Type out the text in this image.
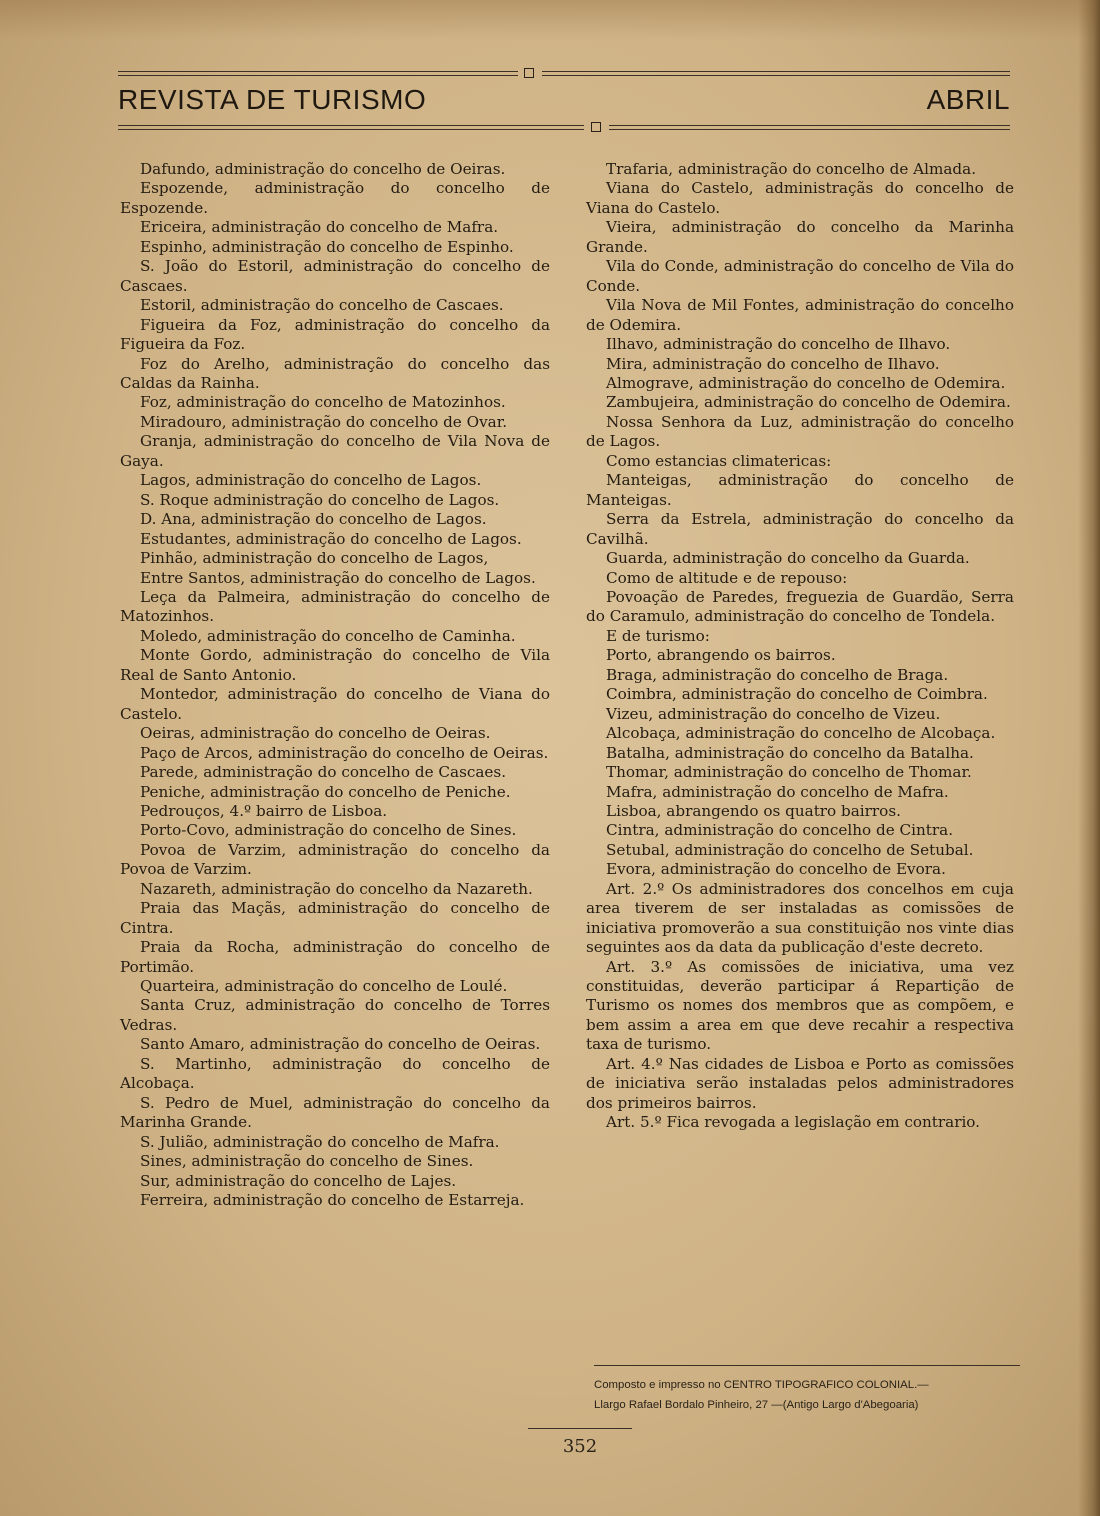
REVISTA DE TURISMO	ABRIL

Dafundo, administração do concelho de Oeiras.

Espozende, administração do concelho de Espozende.

Ericeira, administração do concelho de Mafra.

Espinho, administração do concelho de Espinho.

S. João do Estoril, administração do concelho de Cascaes.

Estoril, administração do concelho de Cascaes.

Figueira da Foz, administração do concelho da Figueira da Foz.

Foz do Arelho, administração do concelho das Caldas da Rainha.

Foz, administração do concelho de Matozinhos.

Miradouro, administração do concelho de Ovar.

Granja, administração do concelho de Vila Nova de Gaya.

Lagos, administração do concelho de Lagos.

S. Roque administração do concelho de Lagos.

D. Ana, administração do concelho de Lagos.

Estudantes, administração do concelho de Lagos.

Pinhão, administração do concelho de Lagos,

Entre Santos, administração do concelho de Lagos.

Leça da Palmeira, administração do concelho de Matozinhos.

Moledo, administração do concelho de Caminha.

Monte Gordo, administração do concelho de Vila Real de Santo Antonio.

Montedor, administração do concelho de Viana do Castelo.

Oeiras, administração do concelho de Oeiras.

Paço de Arcos, administração do concelho de Oeiras.

Parede, administração do concelho de Cascaes.

Peniche, administração do concelho de Peniche.

Pedrouços, 4.º bairro de Lisboa.

Porto-Covo, administração do concelho de Sines.

Povoa de Varzim, administração do concelho da Povoa de Varzim.

Nazareth, administração do concelho da Nazareth.

Praia das Maçãs, administração do concelho de Cintra.

Praia da Rocha, administração do concelho de Portimão.

Quarteira, administração do concelho de Loulé.

Santa Cruz, administração do concelho de Torres Vedras.

Santo Amaro, administração do concelho de Oeiras.

S. Martinho, administração do concelho de Alcobaça.

S. Pedro de Muel, administração do concelho da Marinha Grande.

S. Julião, administração do concelho de Mafra.

Sines, administração do concelho de Sines.

Sur, administração do concelho de Lajes.

Ferreira, administração do concelho de Estarreja.

Trafaria, administração do concelho de Almada.

Viana do Castelo, administraçãs do concelho de Viana do Castelo.

Vieira, administração do concelho da Marinha Grande.

Vila do Conde, administração do concelho de Vila do Conde.

Vila Nova de Mil Fontes, administração do concelho de Odemira.

Ilhavo, administração do concelho de Ilhavo.

Mira, administração do concelho de Ilhavo.

Almograve, administração do concelho de Odemira.

Zambujeira, administração do concelho de Odemira.

Nossa Senhora da Luz, administração do concelho de Lagos.

Como estancias climatericas:

Manteigas, administração do concelho de Manteigas.

Serra da Estrela, administração do concelho da Cavilhã.

Guarda, administração do concelho da Guarda.

Como de altitude e de repouso:

Povoação de Paredes, freguezia de Guardão, Serra do Caramulo, administração do concelho de Tondela.

E de turismo:

Porto, abrangendo os bairros.

Braga, administração do concelho de Braga.

Coimbra, administração do concelho de Coimbra.

Vizeu, administração do concelho de Vizeu.

Alcobaça, administração do concelho de Alcobaça.

Batalha, administração do concelho da Batalha.

Thomar, administração do concelho de Thomar.

Mafra, administração do concelho de Mafra.

Lisboa, abrangendo os quatro bairros.

Cintra, administração do concelho de Cintra.

Setubal, administração do concelho de Setubal.

Evora, administração do concelho de Evora.

Art. 2.º Os administradores dos concelhos em cuja area tiverem de ser instaladas as comissões de iniciativa promoverão a sua constituição nos vinte dias seguintes aos da data da publicação d'este decreto.

Art. 3.º As comissões de iniciativa, uma vez constituidas, deverão participar á Repartição de Turismo os nomes dos membros que as compõem, e bem assim a area em que deve recahir a respectiva taxa de turismo.

Art. 4.º Nas cidades de Lisboa e Porto as comissões de iniciativa serão instaladas pelos administradores dos primeiros bairros.

Art. 5.º Fica revogada a legislação em contrario.

Composto e impresso no CENTRO TIPOGRAFICO COLONIAL.—
Llargo Rafael Bordalo Pinheiro, 27 —(Antigo Largo d'Abegoaria)
352
